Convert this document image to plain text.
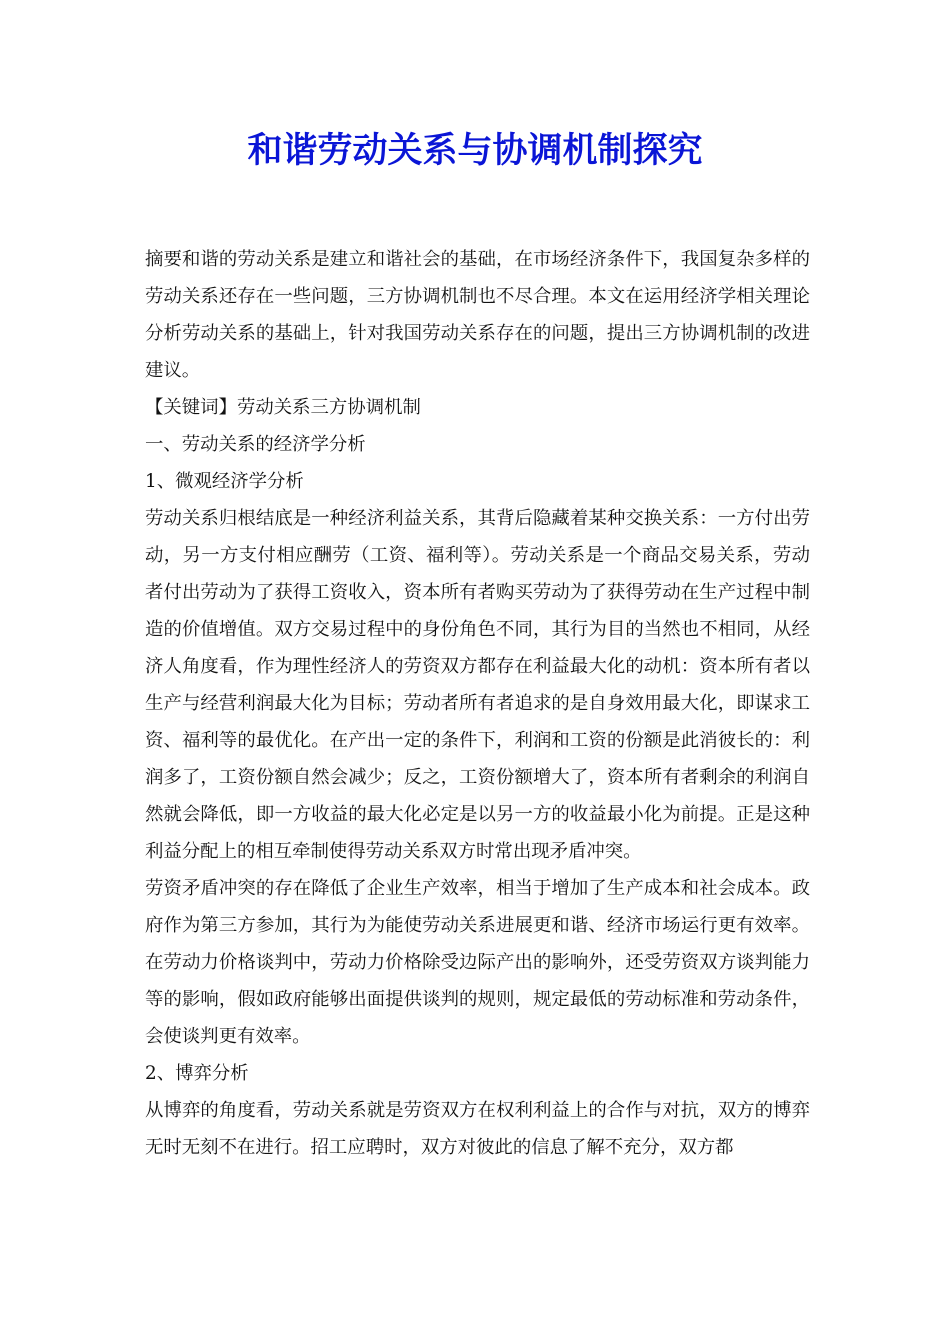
和谐劳动关系与协调机制探究

摘要和谐的劳动关系是建立和谐社会的基础，在市场经济条件下，我国复杂多样的劳动关系还存在一些问题，三方协调机制也不尽合理。本文在运用经济学相关理论分析劳动关系的基础上，针对我国劳动关系存在的问题，提出三方协调机制的改进建议。

【关键词】劳动关系三方协调机制

一、劳动关系的经济学分析

1、微观经济学分析

劳动关系归根结底是一种经济利益关系，其背后隐藏着某种交换关系：一方付出劳动，另一方支付相应酬劳（工资、福利等）。劳动关系是一个商品交易关系，劳动者付出劳动为了获得工资收入，资本所有者购买劳动为了获得劳动在生产过程中制造的价值增值。双方交易过程中的身份角色不同，其行为目的当然也不相同，从经济人角度看，作为理性经济人的劳资双方都存在利益最大化的动机：资本所有者以生产与经营利润最大化为目标；劳动者所有者追求的是自身效用最大化，即谋求工资、福利等的最优化。在产出一定的条件下，利润和工资的份额是此消彼长的：利润多了，工资份额自然会减少；反之，工资份额增大了，资本所有者剩余的利润自然就会降低，即一方收益的最大化必定是以另一方的收益最小化为前提。正是这种利益分配上的相互牵制使得劳动关系双方时常出现矛盾冲突。

劳资矛盾冲突的存在降低了企业生产效率，相当于增加了生产成本和社会成本。政府作为第三方参加，其行为为能使劳动关系进展更和谐、经济市场运行更有效率。在劳动力价格谈判中，劳动力价格除受边际产出的影响外，还受劳资双方谈判能力等的影响，假如政府能够出面提供谈判的规则，规定最低的劳动标准和劳动条件，会使谈判更有效率。

2、博弈分析

从博弈的角度看，劳动关系就是劳资双方在权利利益上的合作与对抗，双方的博弈无时无刻不在进行。招工应聘时，双方对彼此的信息了解不充分，双方都
